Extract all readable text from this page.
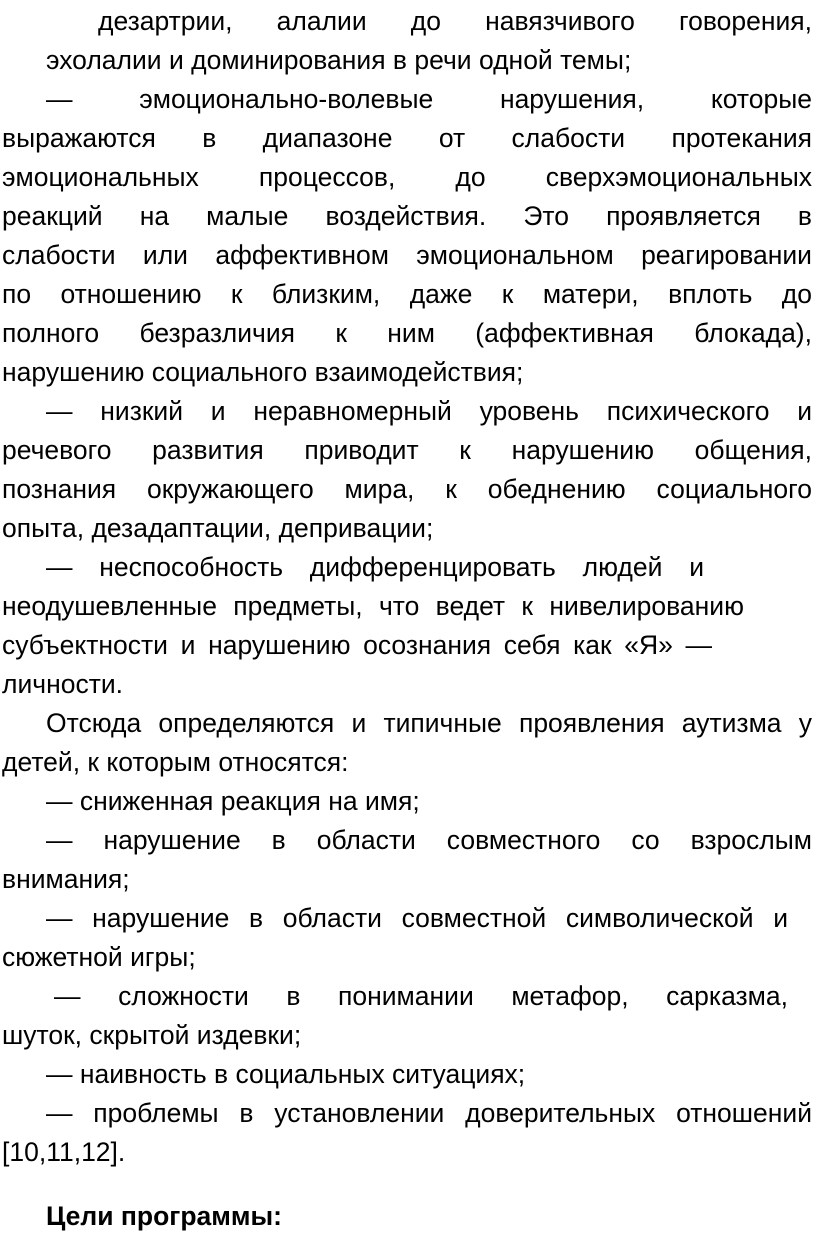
дезартрии, алалии до навязчивого говорения,
эхолалии и доминирования в речи одной темы;
— эмоционально-волевые нарушения, которые
выражаются в диапазоне от слабости протекания
эмоциональных процессов, до сверхэмоциональных
реакций на малые воздействия. Это проявляется в
слабости или аффективном эмоциональном реагировании
по отношению к близким, даже к матери, вплоть до
полного безразличия к ним (аффективная блокада),
нарушению социального взаимодействия;
— низкий и неравномерный уровень психического и
речевого развития приводит к нарушению общения,
познания окружающего мира, к обеднению социального
опыта, дезадаптации, депривации;
— неспособность дифференцировать людей и
неодушевленные предметы, что ведет к нивелированию
субъектности и нарушению осознания себя как «Я» —
личности.
Отсюда определяются и типичные проявления аутизма у
детей, к которым относятся:
— сниженная реакция на имя;
— нарушение в области совместного со взрослым
внимания;
— нарушение в области совместной символической и
сюжетной игры;
— сложности в понимании метафор, сарказма,
шуток, скрытой издевки;
— наивность в социальных ситуациях;
— проблемы в установлении доверительных отношений
[10,11,12].
Цели программы:
